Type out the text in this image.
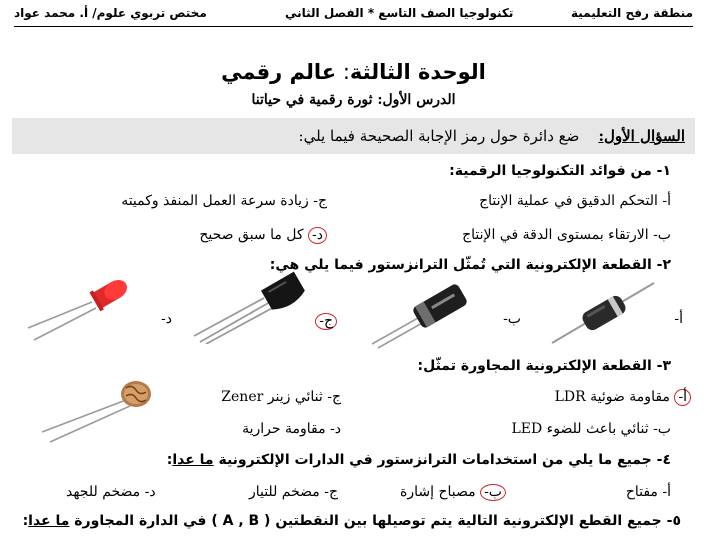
منطقة رفح التعليمية
تكنولوجيا الصف التاسع * الفصل الثاني
مختص تربوي علوم/ أ. محمد عواد
الوحدة الثالثة: عالم رقمي
الدرس الأول: ثورة رقمية في حياتنا
السؤال الأول:    ضع دائرة حول رمز الإجابة الصحيحة فيما يلي:
١- من فوائد التكنولوجيا الرقمية:
أ- التحكم الدقيق في عملية الإنتاج
ج- زيادة سرعة العمل المنفذ وكميته
ب- الارتقاء بمستوى الدقة في الإنتاج
د- كل ما سبق صحيح
٢- القطعة الإلكترونية التي تُمثّل الترانزستور فيما يلي هي:
أ-
ب-
ج-
د-
٣- القطعة الإلكترونية المجاورة تمثّل:
أ- مقاومة ضوئية LDR
ج- ثنائي زينر Zener
ب- ثنائي باعث للضوء LED
د- مقاومة حرارية
٤- جميع ما يلي من استخدامات الترانزستور في الدارات الإلكترونية ما عدا:
أ- مفتاح
ب- مصباح إشارة
ج- مضخم للتيار
د- مضخم للجهد
٥- جميع القطع الإلكترونية التالية يتم توصيلها بين النقطتين ( A , B ) في الدارة المجاورة ما عدا:
